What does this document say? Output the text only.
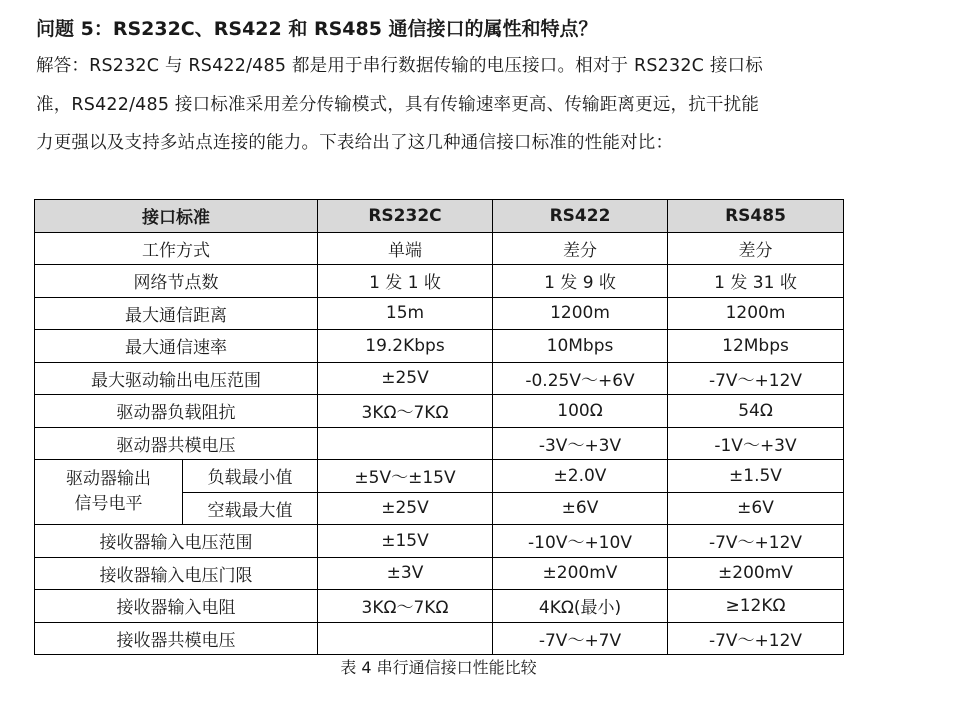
问题 5：RS232C、RS422 和 RS485 通信接口的属性和特点？
解答：RS232C 与 RS422/485 都是用于串行数据传输的电压接口。相对于 RS232C 接口标
准，RS422/485 接口标准采用差分传输模式，具有传输速率更高、传输距离更远，抗干扰能
力更强以及支持多站点连接的能力。下表给出了这几种通信接口标准的性能对比：
接口标准		RS232C	RS422	RS485
工作方式		单端	差分	差分
网络节点数		1 发 1 收	1 发 9 收	1 发 31 收
最大通信距离		15m	1200m	1200m
最大通信速率		19.2Kbps	10Mbps	12Mbps
最大驱动输出电压范围		±25V	-0.25V～+6V	-7V～+12V
驱动器负载阻抗		3KΩ～7KΩ	100Ω	54Ω
驱动器共模电压			-3V～+3V	-1V～+3V

驱动器输出
信号电平	负载最小值	±5V～±15V	±2.0V	±1.5V
	空载最大值	±25V	±6V	±6V
接收器输入电压范围		±15V	-10V～+10V	-7V～+12V
接收器输入电压门限		±3V	±200mV	±200mV
接收器输入电阻		3KΩ～7KΩ	4KΩ(最小)	≥12KΩ
接收器共模电压			-7V～+7V	-7V～+12V
表 4 串行通信接口性能比较
